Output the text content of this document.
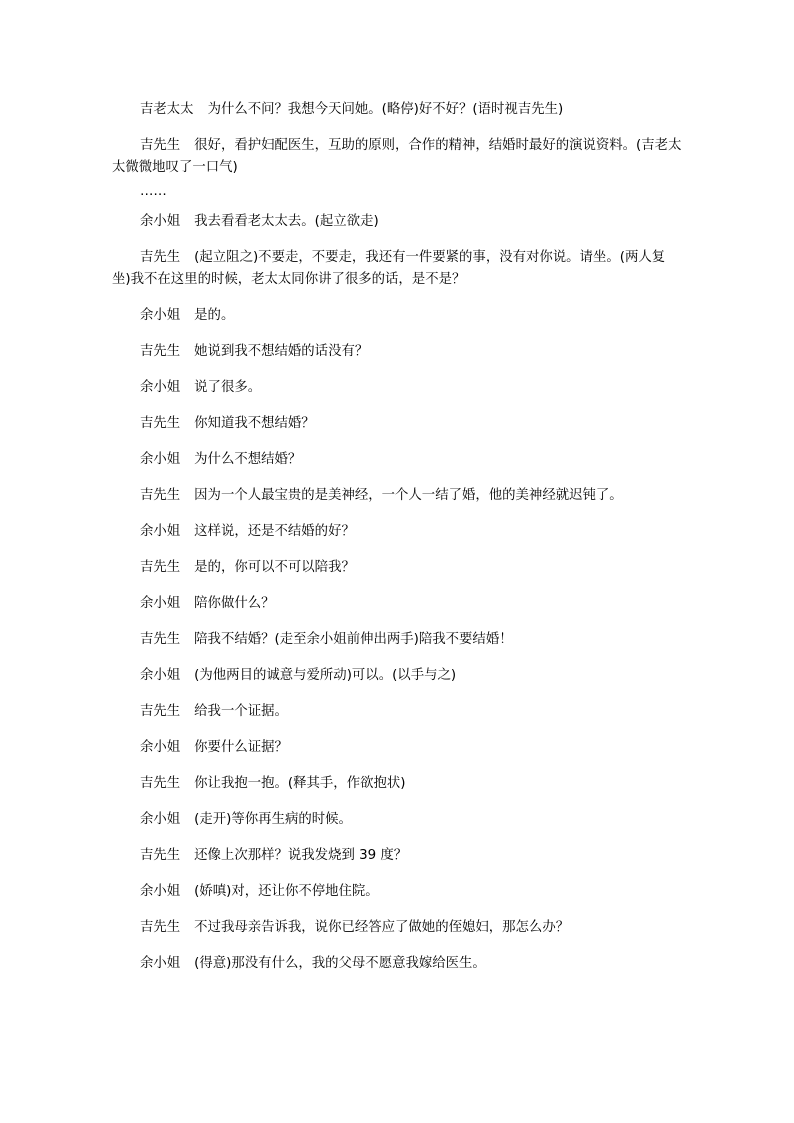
吉老太太 为什么不问？我想今天问她。(略停)好不好？(语时视吉先生)

吉先生 很好，看护妇配医生，互助的原则，合作的精神，结婚时最好的演说资料。(吉老太太微微地叹了一口气)

……

余小姐 我去看看老太太去。(起立欲走)

吉先生 (起立阻之)不要走，不要走，我还有一件要紧的事，没有对你说。请坐。(两人复坐)我不在这里的时候，老太太同你讲了很多的话，是不是？

余小姐 是的。

吉先生 她说到我不想结婚的话没有？

余小姐 说了很多。

吉先生 你知道我不想结婚？

余小姐 为什么不想结婚？

吉先生 因为一个人最宝贵的是美神经，一个人一结了婚，他的美神经就迟钝了。

余小姐 这样说，还是不结婚的好？

吉先生 是的，你可以不可以陪我？

余小姐 陪你做什么？

吉先生 陪我不结婚？(走至余小姐前伸出两手)陪我不要结婚！

余小姐 (为他两目的诚意与爱所动)可以。(以手与之)

吉先生 给我一个证据。

余小姐 你要什么证据？

吉先生 你让我抱一抱。(释其手，作欲抱状)

余小姐 (走开)等你再生病的时候。

吉先生 还像上次那样？说我发烧到 39 度？

余小姐 (娇嗔)对，还让你不停地住院。

吉先生 不过我母亲告诉我，说你已经答应了做她的侄媳妇，那怎么办？

余小姐 (得意)那没有什么，我的父母不愿意我嫁给医生。
